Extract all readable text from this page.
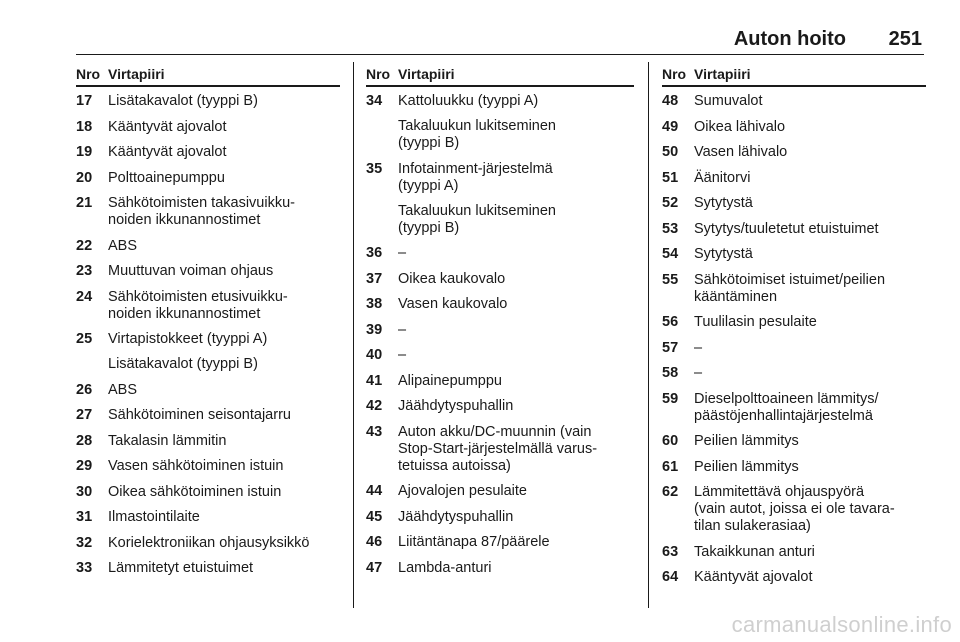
Auton hoito 251
Nro Virtapiiri
17	Lisätakavalot (tyyppi B)
18	Kääntyvät ajovalot
19	Kääntyvät ajovalot
20	Polttoainepumppu
21	Sähkötoimisten takasivuikku-
noiden ikkunannostimet
22	ABS
23	Muuttuvan voiman ohjaus
24	Sähkötoimisten etusivuikku-
noiden ikkunannostimet
25	Virtapistokkeet (tyyppi A)
Lisätakavalot (tyyppi B)
26	ABS
27	Sähkötoiminen seisontajarru
28	Takalasin lämmitin
29	Vasen sähkötoiminen istuin
30	Oikea sähkötoiminen istuin
31	Ilmastointilaite
32	Korielektroniikan ohjausyksikkö
33	Lämmitetyt etuistuimet
Nro Virtapiiri
34	Kattoluukku (tyyppi A)
Takaluukun lukitseminen
(tyyppi B)
35	Infotainment-järjestelmä
(tyyppi A)
Takaluukun lukitseminen
(tyyppi B)
36	–
37	Oikea kaukovalo
38	Vasen kaukovalo
39	–
40	–
41	Alipainepumppu
42	Jäähdytyspuhallin
43	Auton akku/DC-muunnin (vain
Stop-Start-järjestelmällä varus-
tetuissa autoissa)
44	Ajovalojen pesulaite
45	Jäähdytyspuhallin
46	Liitäntänapa 87/päärele
47	Lambda-anturi
Nro Virtapiiri
48	Sumuvalot
49	Oikea lähivalo
50	Vasen lähivalo
51	Äänitorvi
52	Sytytystä
53	Sytytys/tuuletetut etuistuimet
54	Sytytystä
55	Sähkötoimiset istuimet/peilien
kääntäminen
56	Tuulilasin pesulaite
57	–
58	–
59	Dieselpolttoaineen lämmitys/
päästöjenhallintajärjestelmä
60	Peilien lämmitys
61	Peilien lämmitys
62	Lämmitettävä ohjauspyörä
(vain autot, joissa ei ole tavara-
tilan sulakerasiaa)
63	Takaikkunan anturi
64	Kääntyvät ajovalot
carmanualsonline.info
